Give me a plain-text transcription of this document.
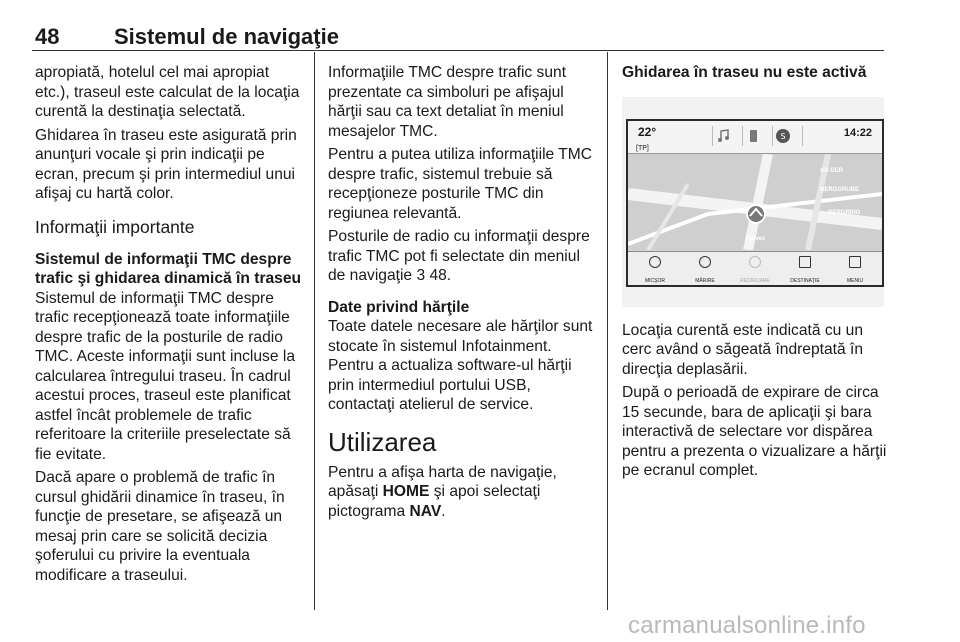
48 Sistemul de navigaţie

apropiată, hotelul cel mai apropiat etc.), traseul este calculat de la locaţia curentă la destinaţia selectată.

Ghidarea în traseu este asigurată prin anunţuri vocale şi prin indicaţii pe ecran, precum şi prin intermediul unui afişaj cu hartă color.

Informaţii importante
Sistemul de informaţii TMC despre trafic şi ghidarea dinamică în traseu

Sistemul de informaţii TMC despre trafic recepţionează toate informaţiile despre trafic de la posturile de radio TMC. Aceste informaţii sunt incluse la calcularea întregului traseu. În cadrul acestui proces, traseul este planificat astfel încât problemele de trafic referitoare la criteriile preselectate să fie evitate.

Dacă apare o problemă de trafic în cursul ghidării dinamice în traseu, în funcţie de presetare, se afişează un mesaj prin care se solicită decizia şoferului cu privire la eventuala modificare a traseului.

Informaţiile TMC despre trafic sunt prezentate ca simboluri pe afişajul hărţii sau ca text detaliat în meniul mesajelor TMC.

Pentru a putea utiliza informaţiile TMC despre trafic, sistemul trebuie să recepţioneze posturile TMC din regiunea relevantă.

Posturile de radio cu informaţii despre trafic TMC pot fi selectate din meniul de navigaţie 3 48.

Date privind hărţile

Toate datele necesare ale hărţilor sunt stocate în sistemul Infotainment. Pentru a actualiza software-ul hărţii prin intermediul portului USB, contactaţi atelierul de service.

Utilizarea

Pentru a afişa harta de navigaţie, apăsaţi HOME şi apoi selectaţi pictograma NAV.

Ghidarea în traseu nu este activă
22°
[TP]
S	14:22
AN DER BERGGRUBE
BERGRING
Helvec
MICŞOR	MĂRIRE	REDIRIJARE	DESTINAŢIE	MENIU

Locaţia curentă este indicată cu un cerc având o săgeată îndreptată în direcţia deplasării.

După o perioadă de expirare de circa 15 secunde, bara de aplicaţii şi bara interactivă de selectare vor dispărea pentru a prezenta o vizualizare a hărţii pe ecranul complet.

carmanualsonline.info
